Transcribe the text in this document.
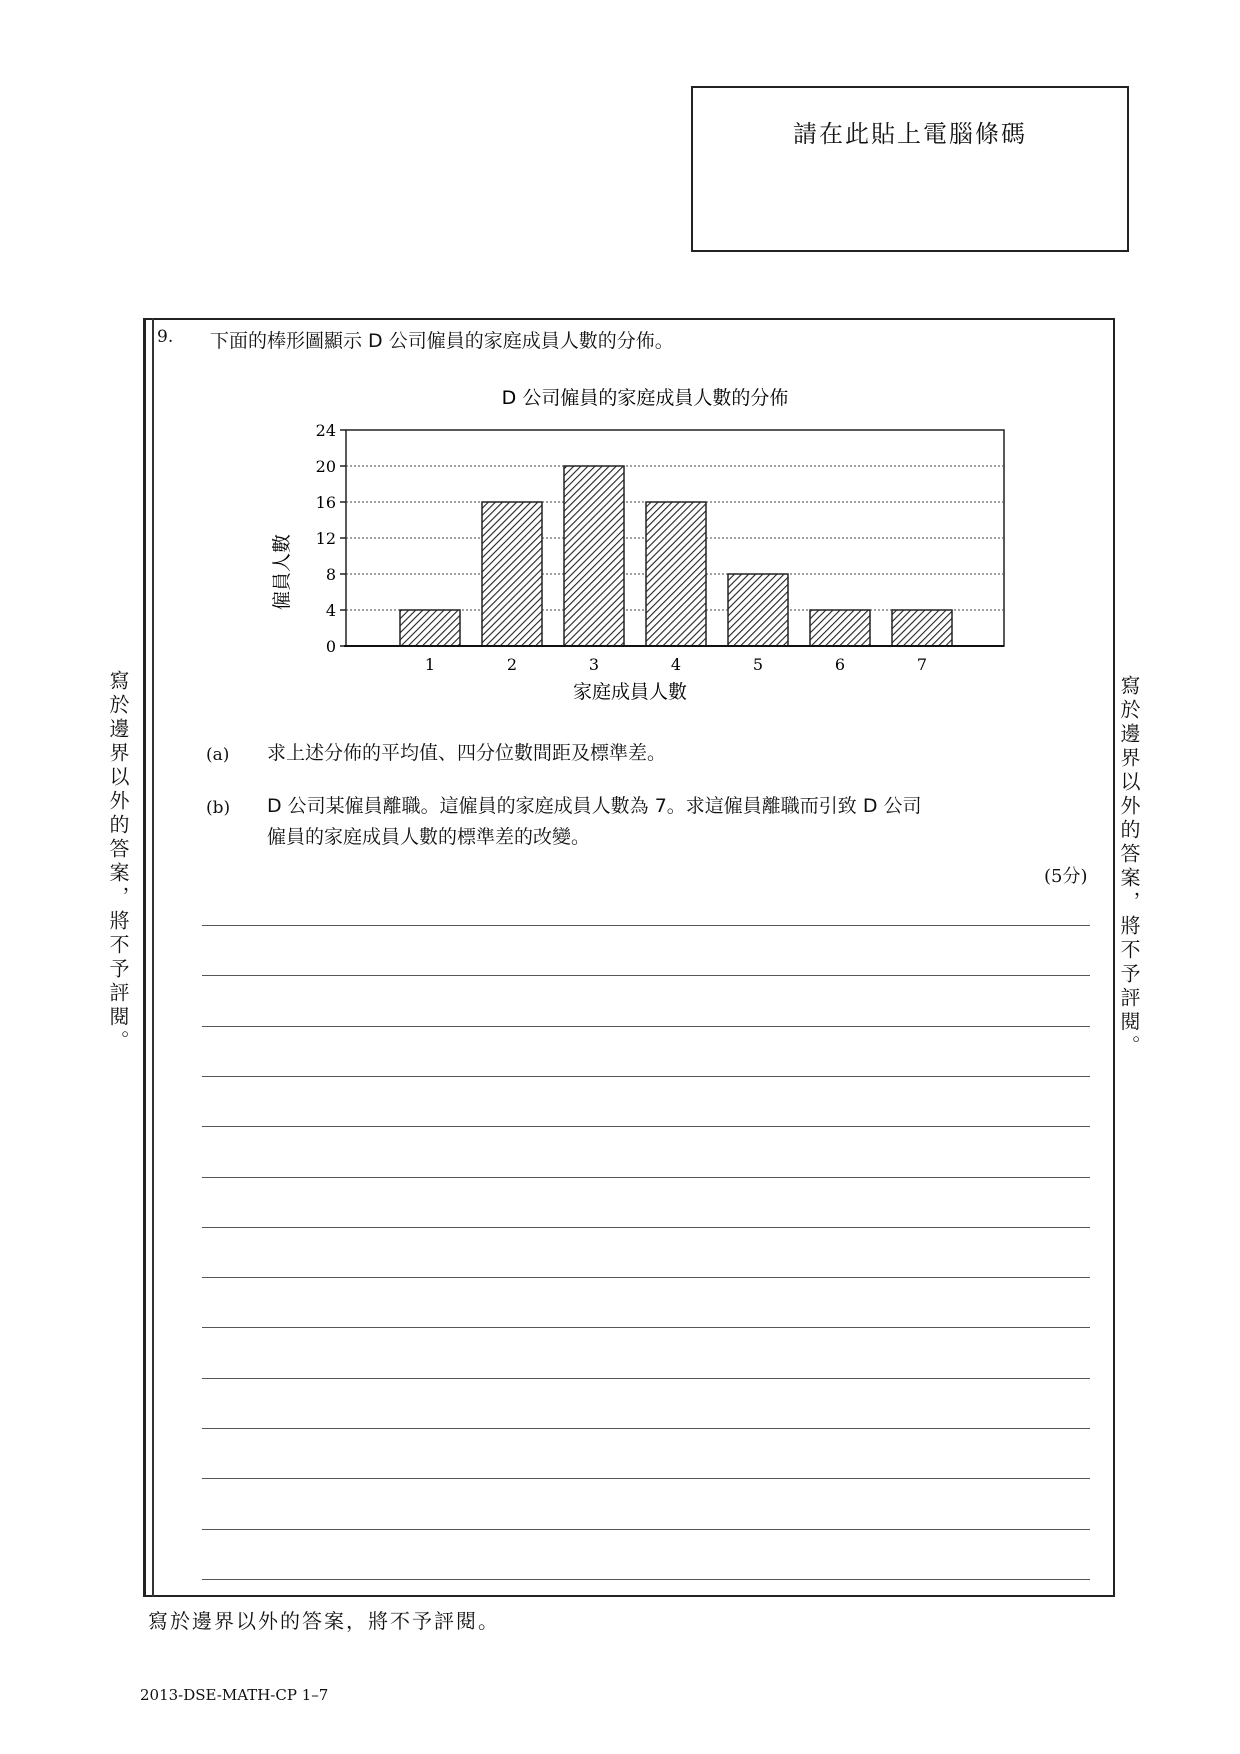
請在此貼上電腦條碼
9. 下面的棒形圖顯示 D 公司僱員的家庭成員人數的分佈。
D 公司僱員的家庭成員人數的分佈
僱員人數
家庭成員人數
0
4
8
12
16
20
24
1	2	3	4	5	6	7
(a) 求上述分佈的平均值、四分位數間距及標準差。
(b) D 公司某僱員離職。這僱員的家庭成員人數為 7。求這僱員離職而引致 D 公司
僱員的家庭成員人數的標準差的改變。
(5分)
寫於邊界以外的答案，將不予評閱。	寫於邊界以外的答案，將不予評閱。
寫於邊界以外的答案，將不予評閱。
2013-DSE-MATH-CP 1–7
